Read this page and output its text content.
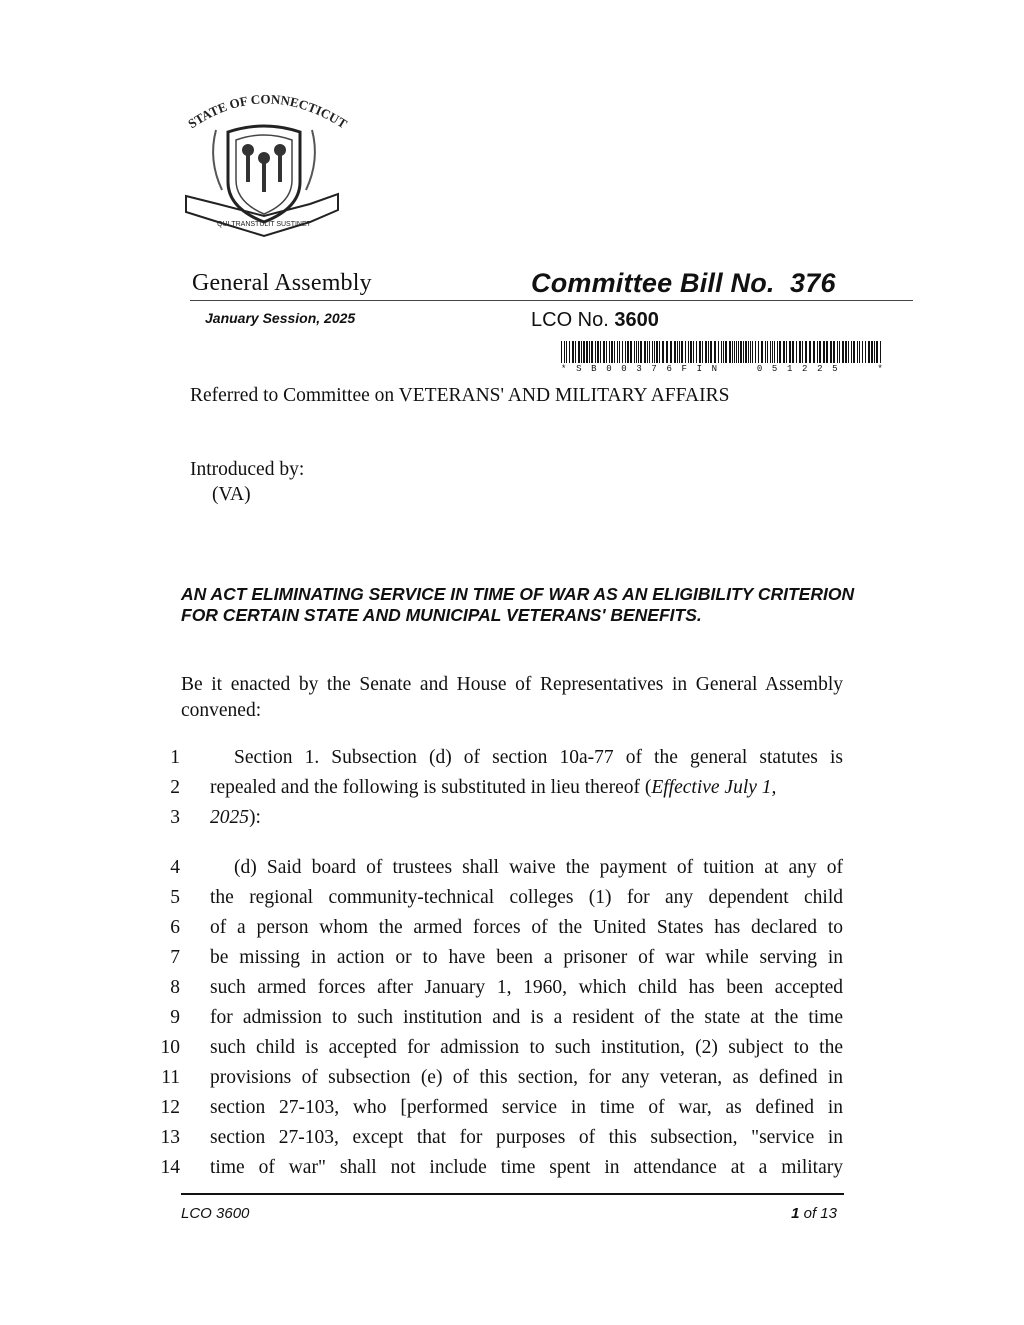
STATE OF CONNECTICUT
QUI TRANSTULIT SUSTINET
General Assembly
January Session, 2025
Committee Bill No.  376
LCO No. 3600
* S B 0 0 3 7 6 F I N

	0 5 1 2 2 5

	*
Referred to Committee on VETERANS' AND MILITARY AFFAIRS
Introduced by:
(VA)
AN ACT ELIMINATING SERVICE IN TIME OF WAR AS AN ELIGIBILITY CRITERION FOR CERTAIN STATE AND MUNICIPAL VETERANS' BENEFITS.
Be it enacted by the Senate and House of Representatives in General Assembly convened:
1	Section 1. Subsection (d) of section 10a-77 of the general statutes is
2 repealed and the following is substituted in lieu thereof (Effective July 1,
3 2025):
4	(d) Said board of trustees shall waive the payment of tuition at any of
5 the regional community-technical colleges (1) for any dependent child
6 of a person whom the armed forces of the United States has declared to
7 be missing in action or to have been a prisoner of war while serving in
8 such armed forces after January 1, 1960, which child has been accepted
9 for admission to such institution and is a resident of the state at the time
10 such child is accepted for admission to such institution, (2) subject to the
11 provisions of subsection (e) of this section, for any veteran, as defined in
12 section 27-103, who [performed service in time of war, as defined in
13 section 27-103, except that for purposes of this subsection, "service in
14 time of war" shall not include time spent in attendance at a military
LCO 3600	1 of 13
